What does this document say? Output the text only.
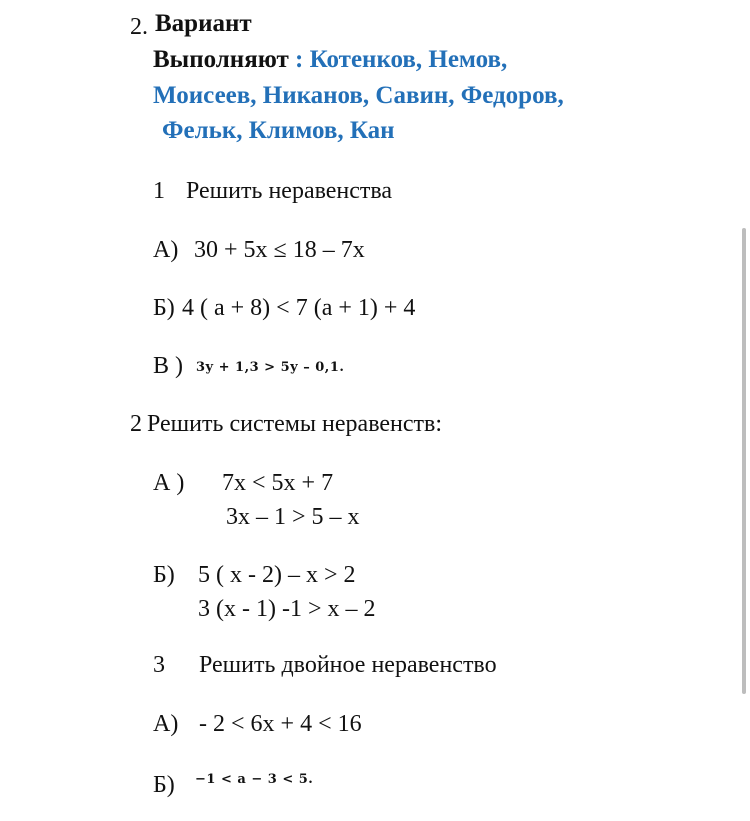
2. Вариант
Выполняют : Котенков, Немов,
Моисеев, Никанов, Савин, Федоров,
Фельк, Климов, Кан
1 Решить неравенства
А) 30 + 5x ≤ 18 – 7x
Б) 4 ( a + 8) < 7 (a + 1) + 4
В ) 3y + 1,3 > 5y – 0,1.
2 Решить системы неравенств:
А ) 7x < 5x + 7
3x – 1 > 5 – x
Б) 5 ( x - 2) – x > 2
3 (x - 1) -1 > x – 2
3 Решить двойное неравенство
А) - 2 < 6x + 4 < 16
Б) −1 < a − 3 < 5.
